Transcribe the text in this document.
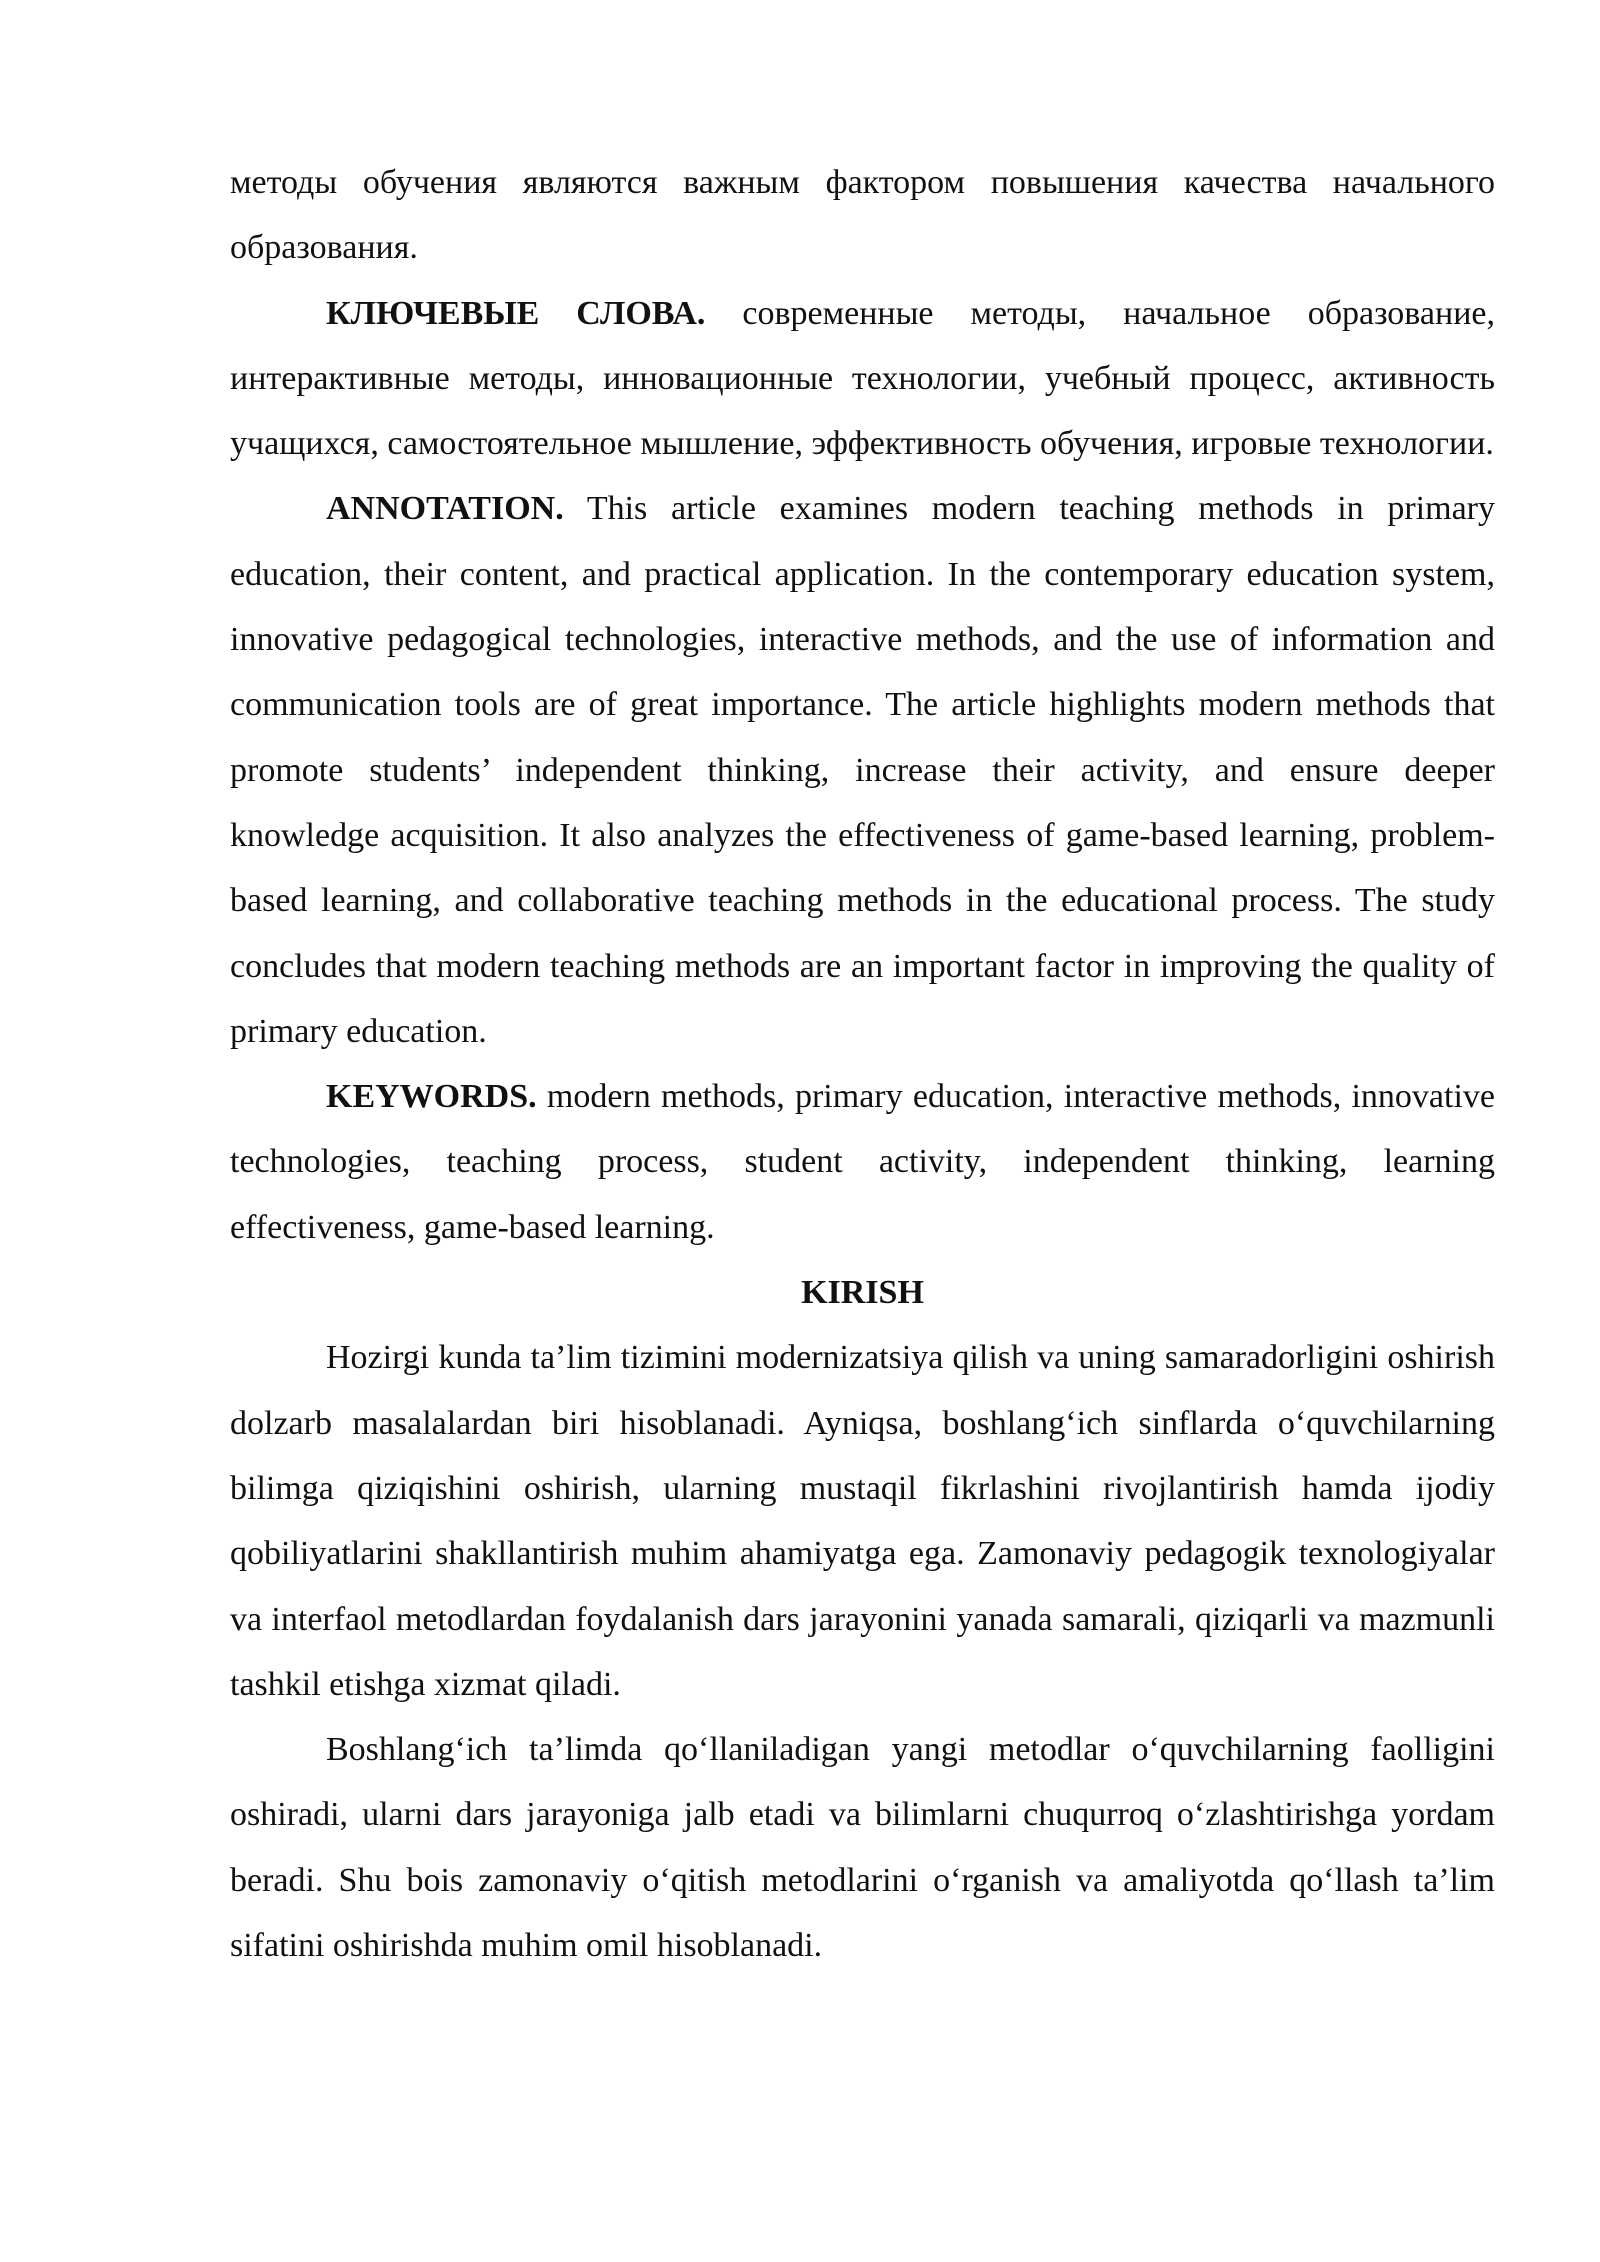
методы обучения являются важным фактором повышения качества начального образования.

КЛЮЧЕВЫЕ СЛОВА. современные методы, начальное образование, интерактивные методы, инновационные технологии, учебный процесс, активность учащихся, самостоятельное мышление, эффективность обучения, игровые технологии.

ANNOTATION. This article examines modern teaching methods in primary education, their content, and practical application. In the contemporary education system, innovative pedagogical technologies, interactive methods, and the use of information and communication tools are of great importance. The article highlights modern methods that promote students’ independent thinking, increase their activity, and ensure deeper knowledge acquisition. It also analyzes the effectiveness of game-based learning, problem-based learning, and collaborative teaching methods in the educational process. The study concludes that modern teaching methods are an important factor in improving the quality of primary education.

KEYWORDS. modern methods, primary education, interactive methods, innovative technologies, teaching process, student activity, independent thinking, learning effectiveness, game-based learning.

KIRISH

Hozirgi kunda ta’lim tizimini modernizatsiya qilish va uning samaradorligini oshirish dolzarb masalalardan biri hisoblanadi. Ayniqsa, boshlang‘ich sinflarda o‘quvchilarning bilimga qiziqishini oshirish, ularning mustaqil fikrlashini rivojlantirish hamda ijodiy qobiliyatlarini shakllantirish muhim ahamiyatga ega. Zamonaviy pedagogik texnologiyalar va interfaol metodlardan foydalanish dars jarayonini yanada samarali, qiziqarli va mazmunli tashkil etishga xizmat qiladi.

Boshlang‘ich ta’limda qo‘llaniladigan yangi metodlar o‘quvchilarning faolligini oshiradi, ularni dars jarayoniga jalb etadi va bilimlarni chuqurroq o‘zlashtirishga yordam beradi. Shu bois zamonaviy o‘qitish metodlarini o‘rganish va amaliyotda qo‘llash ta’lim sifatini oshirishda muhim omil hisoblanadi.
